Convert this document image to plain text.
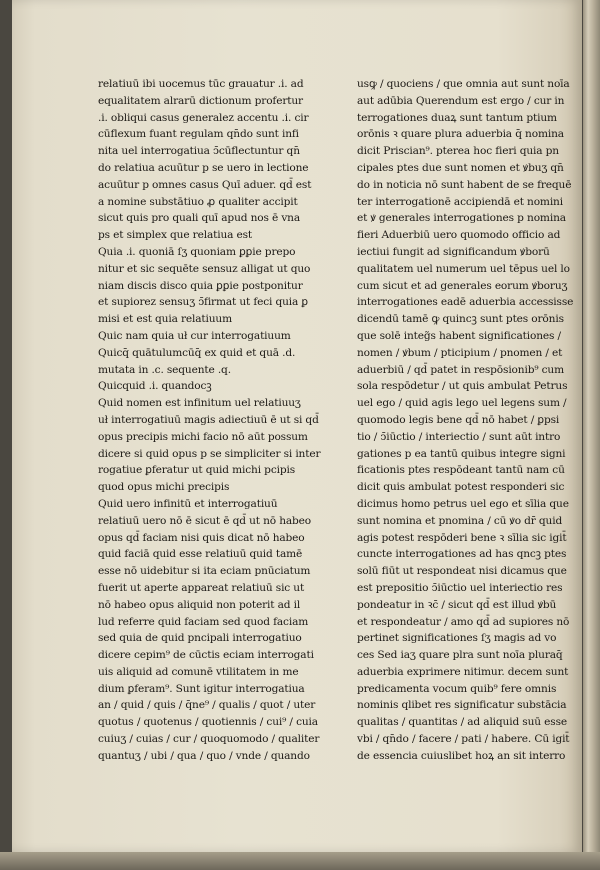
relatiuū ibi uocemus tūc grauatur .i. ad
equalitatem alrarū dictionum profertur
.i. obliqui casus generalez accentu .i. cir
cūflexum fuant regulam qn̄do sunt infi
nita uel interrogatiua ↄ̄cūflectuntur qn̄
do relatiua acuūtur p se uero in lectione
acuūtur p omnes casus Quī aduer. qd̄ est
a nomine substātiuo ꝓ qualiter accipit
sicut quis pro quali quī apud nos ē vna
ps et simplex que relatiua est
Quia .i. quoniā ſʒ quoniam ꝑꝑie prepo
nitur et sic sequēte sensuz alligat ut quo
niam discis disco quia ꝑꝑie postponitur
et supiorez sensuʒ ↄ̄firmat ut feci quia ꝑ
misi et est quia relatiuum
Quic nam quia uł cur interrogatiuum
Quicq̄ quātulumcūq̄ ex quid et quā .d.
mutata in .c. sequente .q.
Quicquid .i. quandocꝫ
Quid nomen est infinitum uel relatiuuʒ
uł interrogatiuū magis adiectiuū ē ut si qd̄
opus precipis michi facio nō aūt possum
dicere si quid opus p se simpliciter si inter
rogatiue ꝑferatur ut quid michi pcipis
quod opus michi precipis
Quid uero infinitū et interrogatiuū
relatiuū uero nō ē sicut ē qd̄ ut nō habeo
opus qd̄ faciam nisi quis dicat nō habeo
quid faciā quid esse relatiuū quid tamē
esse nō uidebitur si ita eciam pnūciatum
fuerit ut aperte appareat relatiuū sic ut
nō habeo opus aliquid non poterit ad il
lud referre quid faciam sed quod faciam
sed quia de quid pncipali interrogatiuo
dicere cepim⁹ de cūctis eciam interrogati
uis aliquid ad comunē vtilitatem in me
dium ꝑferam⁹. Sunt igitur interrogatiua
an / quid / quis / q̄ne⁹ / qualis / quot / uter
quotus / quotenus / quotiennis / cui⁹ / cuia
cuiuʒ / cuias / cur / quoquomodo / qualiter
quantuʒ / ubi / qua / quo / vnde / quando
usꝙ / quociens / que omnia aut sunt noīa
aut adūbia Querendum est ergo / cur in
terrogationes duaꝝ sunt tantum ptium
orōnis ꝛ quare plura aduerbia q̄ nomina
dicit Priscian⁹. pterea hoc fieri quia pn
cipales ptes due sunt nomen et ꝟbuʒ qn̄
do in noticia nō sunt habent de se frequē
ter interrogationē accipiendā et nomini
et ꝟ generales interrogationes p nomina
fieri Aduerbiū uero quomodo officio ad
iectiui fungit ad significandum ꝟborū
qualitatem uel numerum uel tēpus uel lo
cum sicut et ad generales eorum ꝟboruʒ
interrogationes eadē aduerbia accessisse
dicendū tamē ꝙ quincꝫ sunt ptes orōnis
que solē integ̃s habent significationes /
nomen / ꝟbum / pticipium / pnomen / et
aduerbiū / qd̄ patet in respōsionib⁹ cum
sola respōdetur / ut quis ambulat Petrus
uel ego / quid agis lego uel legens sum /
quomodo legis bene qd̄ nō habet / ꝑpsi
tio / ↄ̄iūctio / interiectio / sunt aūt intro
gationes p ea tantū quibus integre signi
ficationis ptes respōdeant tantū nam cū
dicit quis ambulat potest responderi sic
dicimus homo petrus uel ego et sīlia que
sunt nomina et pnomina / cū ꝟo dr̄ quid
agis potest respōderi bene ꝛ sīlia sic igit̄
cuncte interrogationes ad has qncꝫ ptes
solū fiūt ut respondeat nisi dicamus que
est prepositio ↄ̄iūctio uel interiectio res
pondeatur in ꝛc̄ / sicut qd̄ est illud ꝟbū
et respondeatur / amo qd̄ ad supiores nō
pertinet significationes ſʒ magis ad vo
ces Sed iaʒ quare plra sunt noīa pluraq̄
aduerbia exprimere nitimur. decem sunt
predicamenta vocum quib⁹ fere omnis
nominis qlibet res significatur substācia
qualitas / quantitas / ad aliquid suū esse
vbi / qn̄do / facere / pati / habere. Cū igit̄
de essencia cuiuslibet hoꝝ an sit interro
